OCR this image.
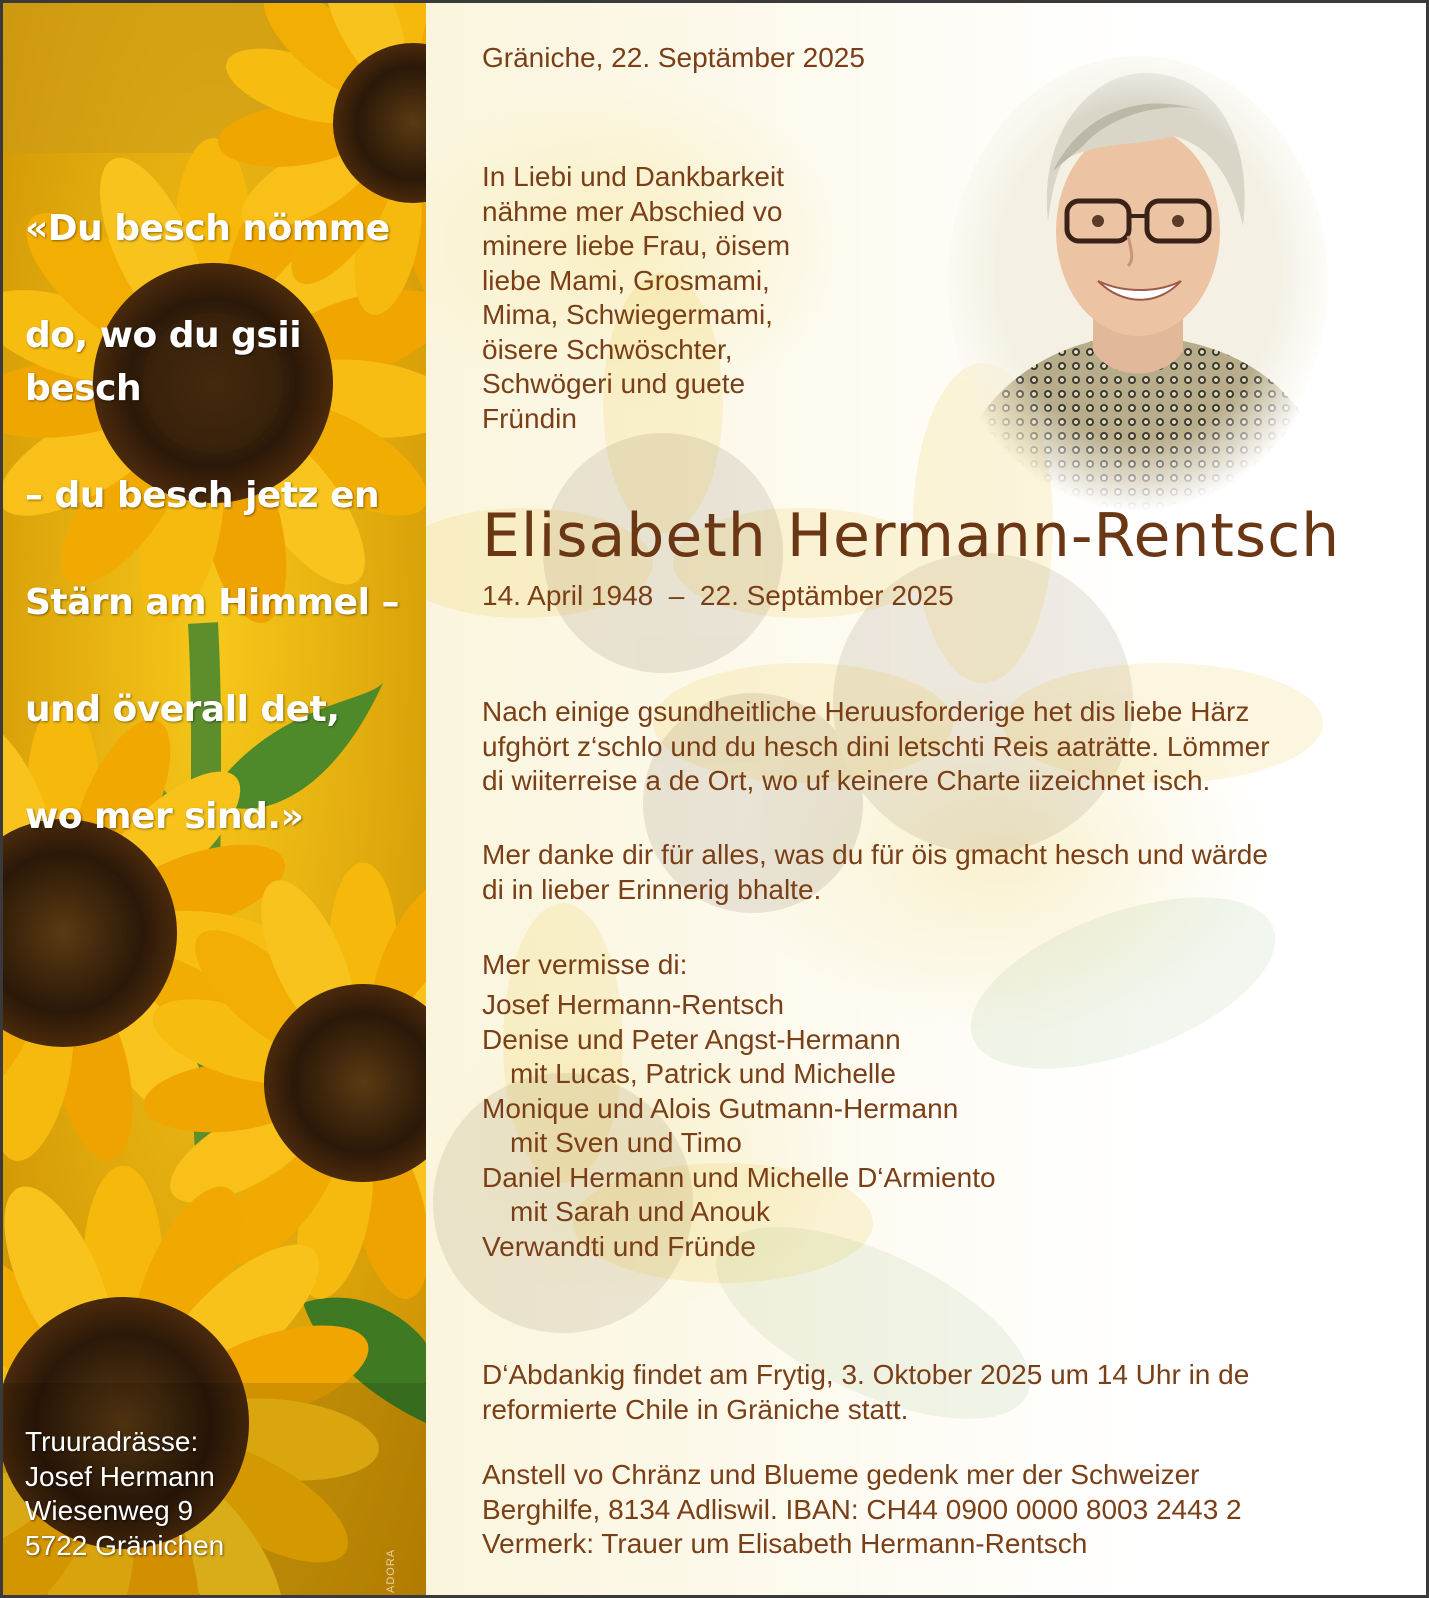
«Du besch nömme

do, wo du gsii besch

– du besch jetz en

Stärn am Himmel –

und överall det,

wo mer sind.»

Truuradrässe:
Josef Hermann
Wiesenweg 9
5722 Gränichen
ADORA
Gräniche, 22. Septämber 2025
In Liebi und Dankbarkeit
nähme mer Abschied vo
minere liebe Frau, öisem
liebe Mami, Grosmami,
Mima, Schwiegermami,
öisere Schwöschter,
Schwögeri und guete
Fründin
Elisabeth Hermann-Rentsch
14. April 1948  –  22. Septämber 2025
Nach einige gsundheitliche Heruusforderige het dis liebe Härz
ufghört z‘schlo und du hesch dini letschti Reis aaträtte. Lömmer
di wiiterreise a de Ort, wo uf keinere Charte iizeichnet isch.
Mer danke dir für alles, was du für öis gmacht hesch und wärde
di in lieber Erinnerig bhalte.
Mer vermisse di:
Josef Hermann-Rentsch
Denise und Peter Angst-Hermann
mit Lucas, Patrick und Michelle
Monique und Alois Gutmann-Hermann
mit Sven und Timo
Daniel Hermann und Michelle D‘Armiento
mit Sarah und Anouk
Verwandti und Fründe
D‘Abdankig findet am Frytig, 3. Oktober 2025 um 14 Uhr in de
reformierte Chile in Gräniche statt.
Anstell vo Chränz und Blueme gedenk mer der Schweizer
Berghilfe, 8134 Adliswil. IBAN: CH44 0900 0000 8003 2443 2
Vermerk: Trauer um Elisabeth Hermann-Rentsch
